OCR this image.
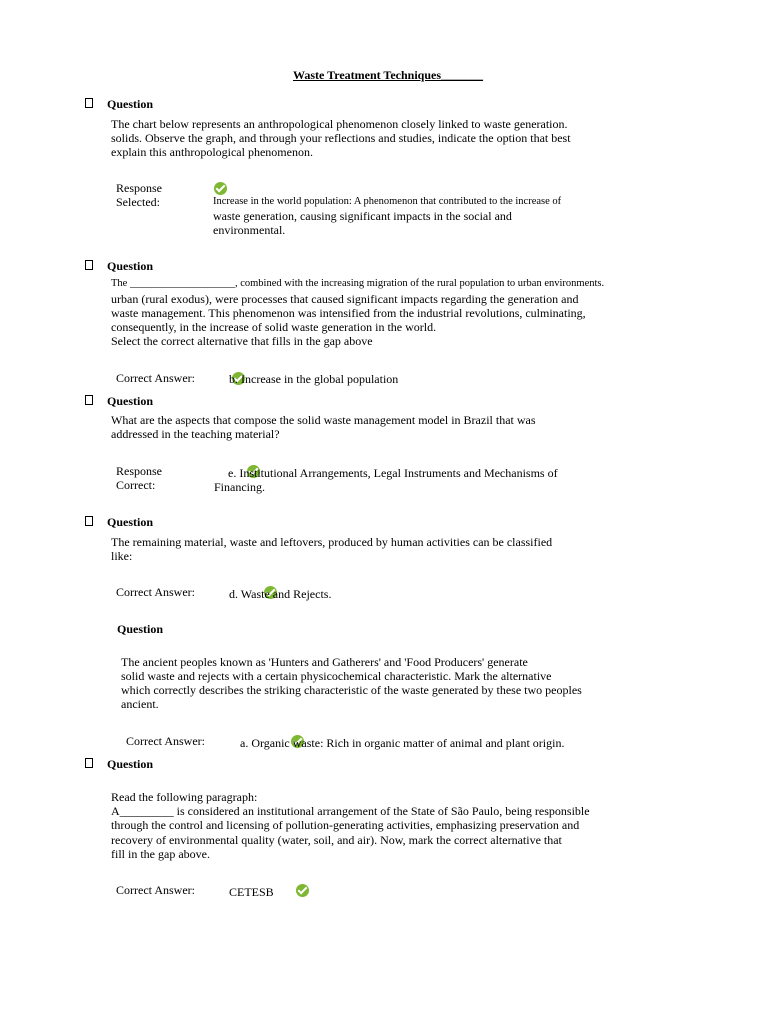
Waste Treatment Techniques_______
Question
The chart below represents an anthropological phenomenon closely linked to waste generation.
solids. Observe the graph, and through your reflections and studies, indicate the option that best
explain this anthropological phenomenon.
Response
Selected:
	Increase in the world population: A phenomenon that contributed to the increase of
waste generation, causing significant impacts in the social and
environmental.
Question
The ____________________, combined with the increasing migration of the rural population to urban environments.
urban (rural exodus), were processes that caused significant impacts regarding the generation and
waste management. This phenomenon was intensified from the industrial revolutions, culminating,
consequently, in the increase of solid waste generation in the world.
Select the correct alternative that fills in the gap above
Correct Answer:
	b. Increase in the global population
Question
What are the aspects that compose the solid waste management model in Brazil that was
addressed in the teaching material?
Response
Correct:

e. Institutional Arrangements, Legal Instruments and Mechanisms of
Financing.
Question
The remaining material, waste and leftovers, produced by human activities can be classified
like:
Correct Answer:
	d. Waste and Rejects.
Question
The ancient peoples known as 'Hunters and Gatherers' and 'Food Producers' generate
solid waste and rejects with a certain physicochemical characteristic. Mark the alternative
which correctly describes the striking characteristic of the waste generated by these two peoples
ancient.
Correct Answer:
	a. Organic waste: Rich in organic matter of animal and plant origin.
Question
Read the following paragraph:
A_________ is considered an institutional arrangement of the State of São Paulo, being responsible
through the control and licensing of pollution-generating activities, emphasizing preservation and
recovery of environmental quality (water, soil, and air). Now, mark the correct alternative that
fill in the gap above.
Correct Answer:	CETESB
